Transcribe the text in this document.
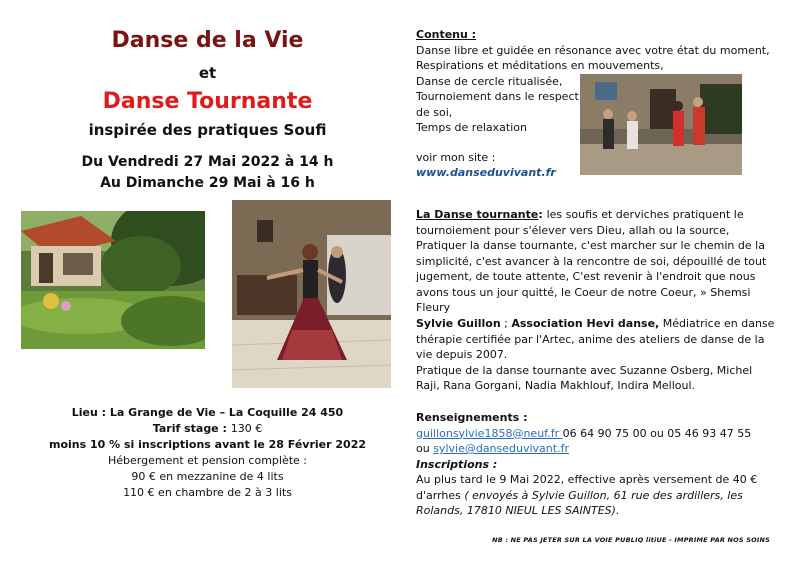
Danse de la Vie
et
Danse Tournante
inspirée des pratiques Soufi
Du Vendredi 27 Mai 2022 à 14 h
Au Dimanche 29 Mai à 16 h
Lieu : La Grange de Vie – La Coquille 24 450
Tarif stage : 130 €
moins 10 % si inscriptions avant le 28 Février 2022
Hébergement et pension complète :
90 € en mezzanine de 4 lits
110 € en chambre de 2 à 3 lits
Contenu :
Danse libre et guidée en résonance avec votre état du moment,
Respirations et méditations en mouvements,
Danse de cercle ritualisée,
Tournoiement dans le respect
de soi,
Temps de relaxation
voir mon site :
www.danseduvivant.fr
La Danse tournante: les soufis et derviches pratiquent le tournoiement pour s'élever vers Dieu, allah ou la source,
Pratiquer la danse tournante, c'est marcher sur le chemin de la simplicité, c'est avancer à la rencontre de soi, dépouillé de tout jugement, de toute attente, C'est revenir à l'endroit que nous avons tous un jour quitté, le Coeur de notre Coeur, » Shemsi Fleury
Sylvie Guillon ; Association Hevi danse, Médiatrice en danse thérapie certifiée par l'Artec, anime des ateliers de danse de la vie depuis 2007.
Pratique de la danse tournante avec Suzanne Osberg, Michel Raji, Rana Gorgani, Nadia Makhlouf, Indira Melloul.
Renseignements :
guillonsylvie1858@neuf.fr 06 64 90 75 00 ou 05 46 93 47 55
ou sylvie@danseduvivant.fr
Inscriptions :
Au plus tard le 9 Mai 2022, effective après versement de 40 € d'arrhes ( envoyés à Sylvie Guillon, 61 rue des ardillers, les Rolands, 17810 NIEUL LES SAINTES).
NB : NE PAS JETER SUR LA VOIE PUBLIQ litiUE - IMPRIME PAR NOS SOINS
